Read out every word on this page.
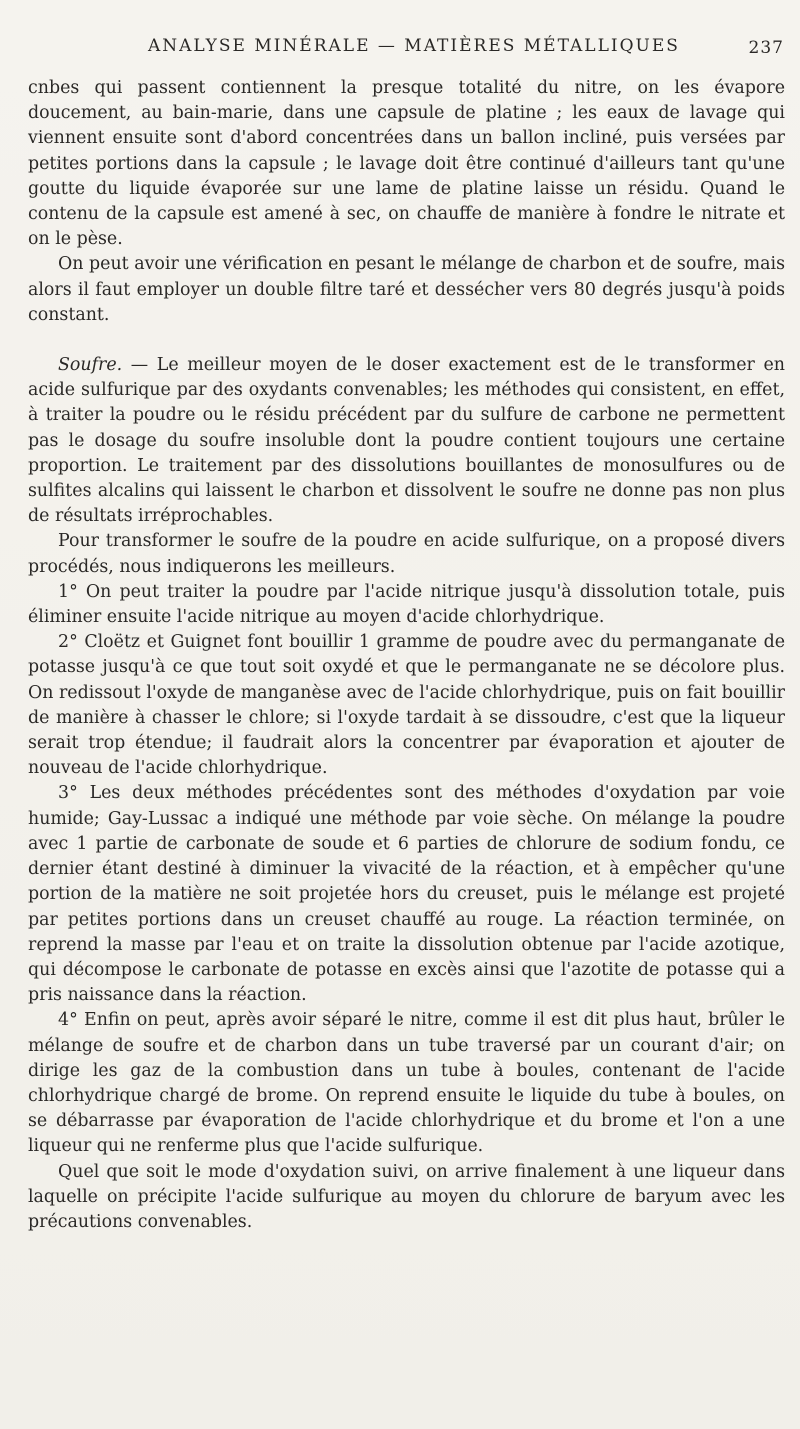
ANALYSE MINÉRALE — MATIÈRES MÉTALLIQUES	237

cnbes qui passent contiennent la presque totalité du nitre, on les évapore doucement, au bain-marie, dans une capsule de platine ; les eaux de lavage qui viennent ensuite sont d'abord concentrées dans un ballon incliné, puis versées par petites portions dans la capsule ; le lavage doit être continué d'ailleurs tant qu'une goutte du liquide évaporée sur une lame de platine laisse un résidu. Quand le contenu de la capsule est amené à sec, on chauffe de manière à fondre le nitrate et on le pèse.

On peut avoir une vérification en pesant le mélange de charbon et de soufre, mais alors il faut employer un double filtre taré et dessécher vers 80 degrés jusqu'à poids constant.

Soufre. — Le meilleur moyen de le doser exactement est de le transformer en acide sulfurique par des oxydants convenables; les méthodes qui consistent, en effet, à traiter la poudre ou le résidu précédent par du sulfure de carbone ne permettent pas le dosage du soufre insoluble dont la poudre contient toujours une certaine proportion. Le traitement par des dissolutions bouillantes de monosulfures ou de sulfites alcalins qui laissent le charbon et dissolvent le soufre ne donne pas non plus de résultats irréprochables.

Pour transformer le soufre de la poudre en acide sulfurique, on a proposé divers procédés, nous indiquerons les meilleurs.

1° On peut traiter la poudre par l'acide nitrique jusqu'à dissolution totale, puis éliminer ensuite l'acide nitrique au moyen d'acide chlorhydrique.

2° Cloëtz et Guignet font bouillir 1 gramme de poudre avec du permanganate de potasse jusqu'à ce que tout soit oxydé et que le permanganate ne se décolore plus. On redissout l'oxyde de manganèse avec de l'acide chlorhydrique, puis on fait bouillir de manière à chasser le chlore; si l'oxyde tardait à se dissoudre, c'est que la liqueur serait trop étendue; il faudrait alors la concentrer par évaporation et ajouter de nouveau de l'acide chlorhydrique.

3° Les deux méthodes précédentes sont des méthodes d'oxydation par voie humide; Gay-Lussac a indiqué une méthode par voie sèche. On mélange la poudre avec 1 partie de carbonate de soude et 6 parties de chlorure de sodium fondu, ce dernier étant destiné à diminuer la vivacité de la réaction, et à empêcher qu'une portion de la matière ne soit projetée hors du creuset, puis le mélange est projeté par petites portions dans un creuset chauffé au rouge. La réaction terminée, on reprend la masse par l'eau et on traite la dissolution obtenue par l'acide azotique, qui décompose le carbonate de potasse en excès ainsi que l'azotite de potasse qui a pris naissance dans la réaction.

4° Enfin on peut, après avoir séparé le nitre, comme il est dit plus haut, brûler le mélange de soufre et de charbon dans un tube traversé par un courant d'air; on dirige les gaz de la combustion dans un tube à boules, contenant de l'acide chlorhydrique chargé de brome. On reprend ensuite le liquide du tube à boules, on se débarrasse par évaporation de l'acide chlorhydrique et du brome et l'on a une liqueur qui ne renferme plus que l'acide sulfurique.

Quel que soit le mode d'oxydation suivi, on arrive finalement à une liqueur dans laquelle on précipite l'acide sulfurique au moyen du chlorure de baryum avec les précautions convenables.
